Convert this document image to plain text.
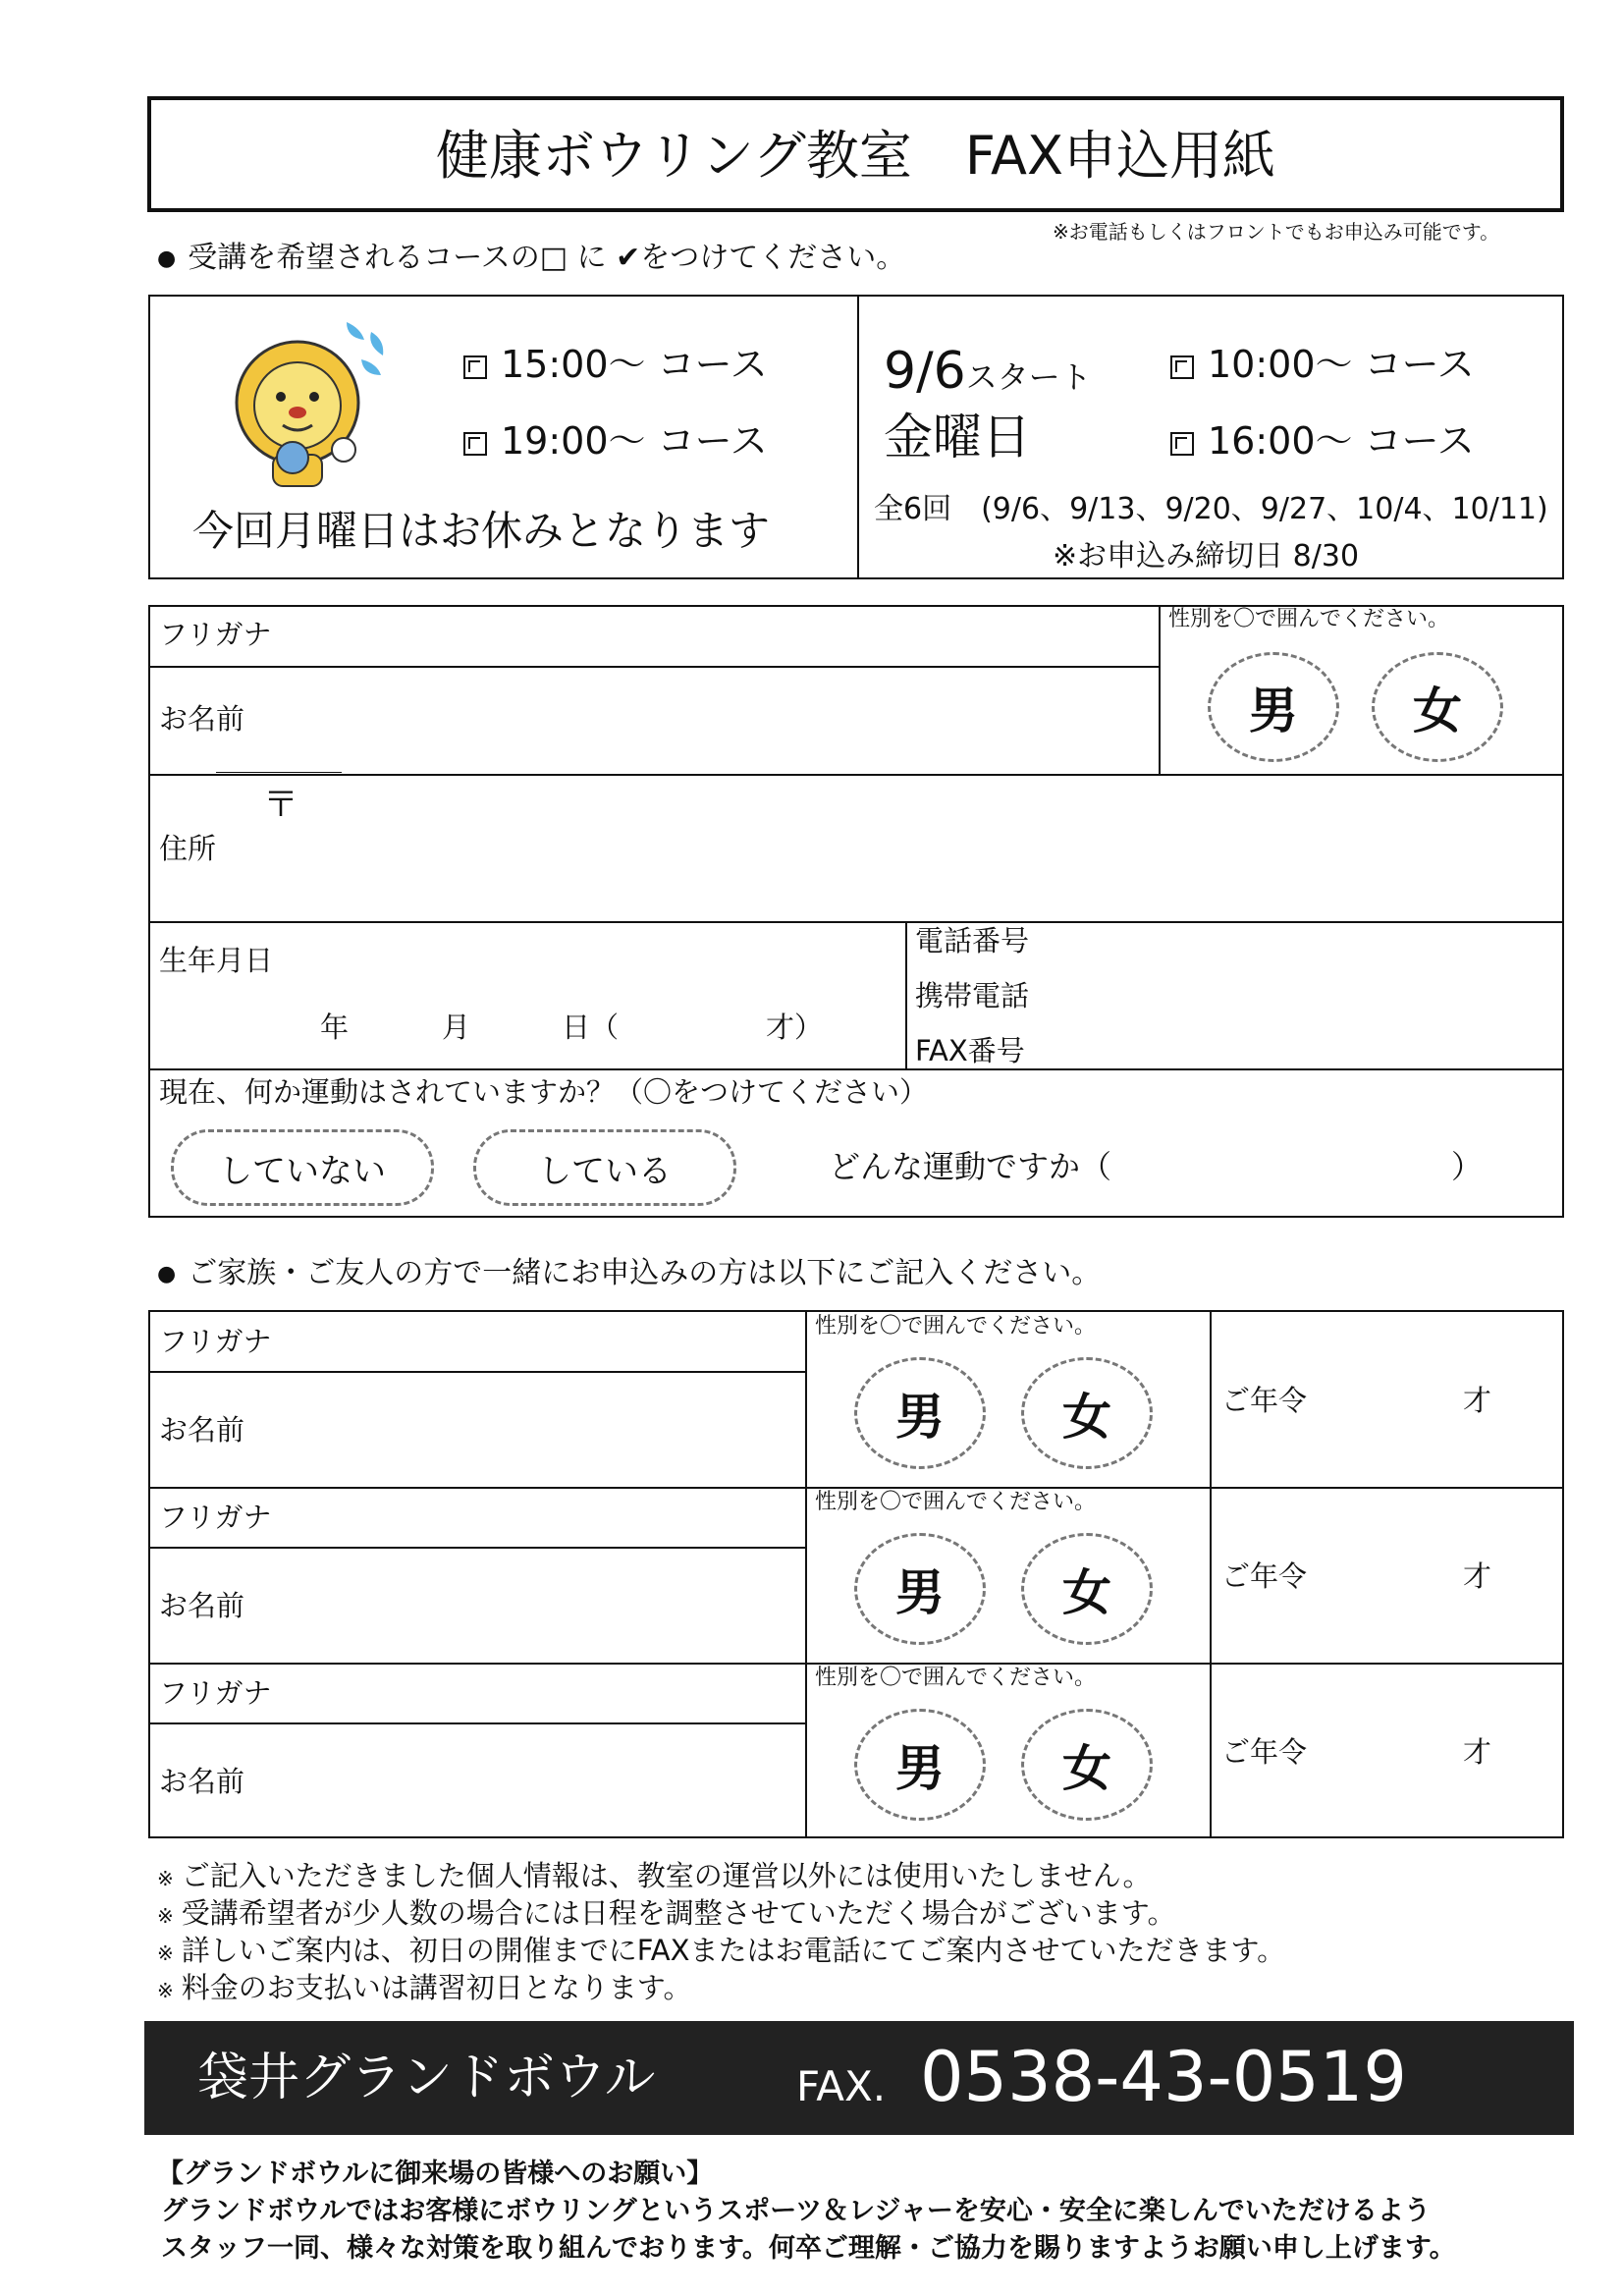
健康ボウリング教室　FAX申込用紙
※お電話もしくはフロントでもお申込み可能です。
● 受講を希望されるコースの□ に ✔をつけてください。
15:00～ コース
19:00～ コース
今回月曜日はお休みとなります
9/6スタート
金曜日
10:00～ コース
16:00～ コース
全6回　(9/6、9/13、9/20、9/27、10/4、10/11)
※お申込み締切日 8/30
フリガナ
お名前
性別を〇で囲んでください。
男	女
〒
住所
生年月日
年	月	日（	才）
電話番号
携帯電話
FAX番号
現在、何か運動はされていますか？（〇をつけてください）
していない	している	どんな運動ですか（	）
● ご家族・ご友人の方で一緒にお申込みの方は以下にご記入ください。
フリガナ
お名前
性別を〇で囲んでください。
男	女	ご年令	才
フリガナ
お名前
性別を〇で囲んでください。
男	女	ご年令	才
フリガナ
お名前
性別を〇で囲んでください。
男	女	ご年令	才
※ ご記入いただきました個人情報は、教室の運営以外には使用いたしません。
※ 受講希望者が少人数の場合には日程を調整させていただく場合がございます。
※ 詳しいご案内は、初日の開催までにFAXまたはお電話にてご案内させていただきます。
※ 料金のお支払いは講習初日となります。
袋井グランドボウル	FAX. 0538-43-0519
【グランドボウルに御来場の皆様へのお願い】
グランドボウルではお客様にボウリングというスポーツ＆レジャーを安心・安全に楽しんでいただけるよう
スタッフ一同、様々な対策を取り組んでおります。何卒ご理解・ご協力を賜りますようお願い申し上げます。
